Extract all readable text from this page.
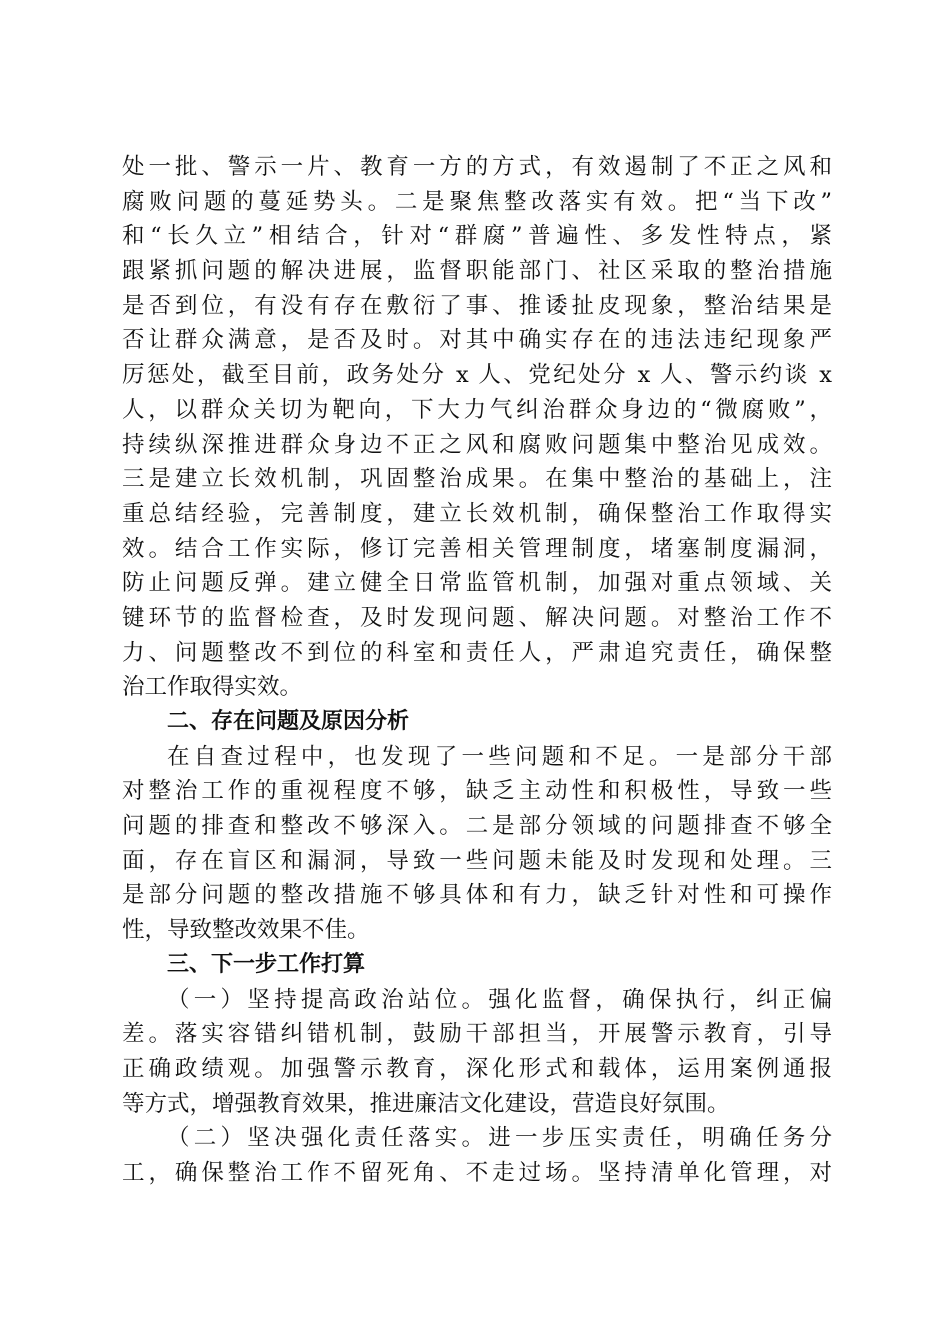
处一批、警示一片、教育一方的方式，有效遏制了不正之风和
腐败问题的蔓延势头。二是聚焦整改落实有效。把“当下改”
和“长久立”相结合，针对“群腐”普遍性、多发性特点，紧
跟紧抓问题的解决进展，监督职能部门、社区采取的整治措施
是否到位，有没有存在敷衍了事、推诿扯皮现象，整治结果是
否让群众满意，是否及时。对其中确实存在的违法违纪现象严
厉惩处，截至目前，政务处分 x 人、党纪处分 x 人、警示约谈 x
人，以群众关切为靶向，下大力气纠治群众身边的“微腐败”，
持续纵深推进群众身边不正之风和腐败问题集中整治见成效。
三是建立长效机制，巩固整治成果。在集中整治的基础上，注
重总结经验，完善制度，建立长效机制，确保整治工作取得实
效。结合工作实际，修订完善相关管理制度，堵塞制度漏洞，
防止问题反弹。建立健全日常监管机制，加强对重点领域、关
键环节的监督检查，及时发现问题、解决问题。对整治工作不
力、问题整改不到位的科室和责任人，严肃追究责任，确保整
治工作取得实效。
二、存在问题及原因分析
在自查过程中，也发现了一些问题和不足。一是部分干部
对整治工作的重视程度不够，缺乏主动性和积极性，导致一些
问题的排查和整改不够深入。二是部分领域的问题排查不够全
面，存在盲区和漏洞，导致一些问题未能及时发现和处理。三
是部分问题的整改措施不够具体和有力，缺乏针对性和可操作
性，导致整改效果不佳。
三、下一步工作打算
（一）坚持提高政治站位。强化监督，确保执行，纠正偏
差。落实容错纠错机制，鼓励干部担当，开展警示教育，引导
正确政绩观。加强警示教育，深化形式和载体，运用案例通报
等方式，增强教育效果，推进廉洁文化建设，营造良好氛围。
（二）坚决强化责任落实。进一步压实责任，明确任务分
工，确保整治工作不留死角、不走过场。坚持清单化管理，对
